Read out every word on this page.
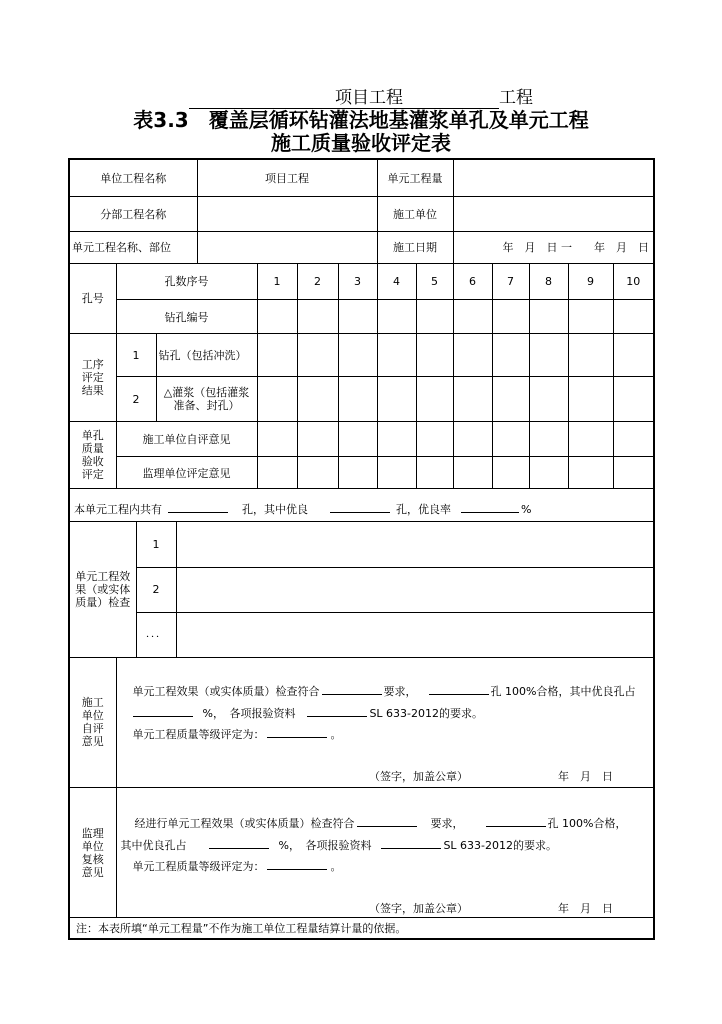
项目工程	工程
表3.3　覆盖层循环钻灌法地基灌浆单孔及单元工程
施工质量验收评定表
单位工程名称	项目工程	单元工程量	
分部工程名称		施工单位	
单元工程名称、部位		施工日期	年　月　日 一　　年　月　日
孔号	孔数序号		1	2	3	4	5	6	7	8	9	10
	钻孔编号											
工序评定结果	1	钻孔（包括冲洗）										
	2	△灌浆（包括灌浆准备、封孔）										
单孔质量验收评定	施工单位自评意见											
	监理单位评定意见											
本单元工程内共有 孔，其中优良 孔，优良率 %												
单元工程效果（或实体质量）检查	1	
	2	
	．．．	
施工单位自评意见	单元工程效果（或实体质量）检查符合 要求， 孔 100%合格，其中优良孔占
%，　各项报验资料 SL 633-2012的要求。
单元工程质量等级评定为： 。
（签字，加盖公章） 年　月　日

监理单位复核意见	经进行单元工程效果（或实体质量）检查符合 要求， 孔 100%合格，
其中优良孔占 %，　各项报验资料 SL 633-2012的要求。
单元工程质量等级评定为： 。
（签字，加盖公章） 年　月　日

注：本表所填“单元工程量”不作为施工单位工程量结算计量的依据。	
